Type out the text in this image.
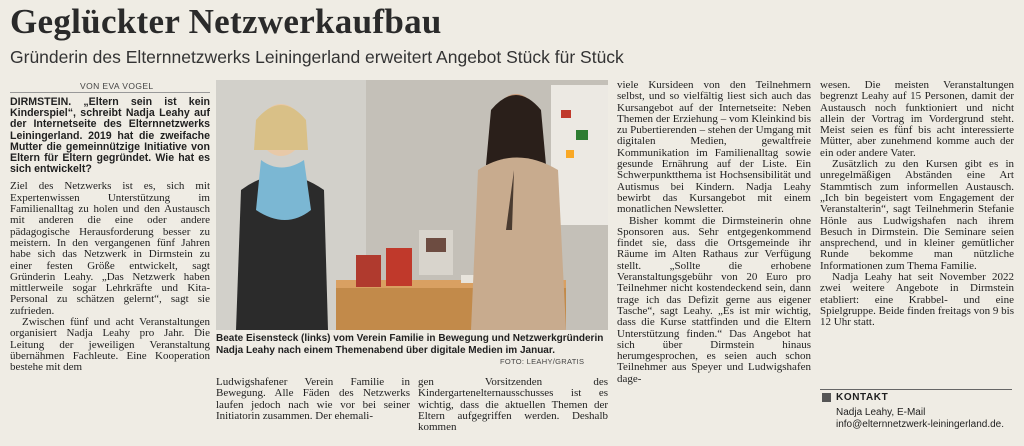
Geglückter Netzwerkaufbau
Gründerin des Elternnetzwerks Leiningerland erweitert Angebot Stück für Stück
VON EVA VOGEL

DIRMSTEIN. „Eltern sein ist kein Kinderspiel“, schreibt Nadja Leahy auf der Internetseite des Elternnetzwerks Leiningerland. 2019 hat die zweifache Mutter die gemeinnützige Initiative von Eltern für Eltern gegründet. Wie hat es sich entwickelt?

Ziel des Netzwerks ist es, sich mit Expertenwissen Unterstützung im Familienalltag zu holen und den Austausch mit anderen die eine oder andere pädagogische Herausforderung besser zu meistern. In den vergangenen fünf Jahren habe sich das Netzwerk in Dirmstein zu einer festen Größe entwickelt, sagt Gründerin Leahy. „Das Netzwerk haben mittlerweile sogar Lehrkräfte und Kita-Personal zu schätzen gelernt“, sagt sie zufrieden.

Zwischen fünf und acht Veranstaltungen organisiert Nadja Leahy pro Jahr. Die Leitung der jeweiligen Veranstaltung übernähmen Fachleute. Eine Kooperation bestehe mit dem

Beate Eisensteck (links) vom Verein Familie in Bewegung und Netzwerkgründerin Nadja Leahy nach einem Themenabend über digitale Medien im Januar.
FOTO: LEAHY/GRATIS

Ludwigshafener Verein Familie in Bewegung. Alle Fäden des Netzwerks laufen jedoch nach wie vor bei seiner Initiatorin zusammen. Der ehemali-

gen Vorsitzenden des Kindergartenelternausschusses ist es wichtig, dass die aktuellen Themen der Eltern aufgegriffen werden. Deshalb kommen

viele Kursideen von den Teilnehmern selbst, und so vielfältig liest sich auch das Kursangebot auf der Internetseite: Neben Themen der Erziehung – vom Kleinkind bis zu Pubertierenden – stehen der Umgang mit digitalen Medien, gewaltfreie Kommunikation im Familienalltag sowie gesunde Ernährung auf der Liste. Ein Schwerpunktthema ist Hochsensibilität und Autismus bei Kindern. Nadja Leahy bewirbt das Kursangebot mit einem monatlichen Newsletter.

Bisher kommt die Dirmsteinerin ohne Sponsoren aus. Sehr entgegenkommend findet sie, dass die Ortsgemeinde ihr Räume im Alten Rathaus zur Verfügung stellt. „Sollte die erhobene Veranstaltungsgebühr von 20 Euro pro Teilnehmer nicht kostendeckend sein, dann trage ich das Defizit gerne aus eigener Tasche“, sagt Leahy. „Es ist mir wichtig, dass die Kurse stattfinden und die Eltern Unterstützung finden.“ Das Angebot hat sich über Dirmstein hinaus herumgesprochen, es seien auch schon Teilnehmer aus Speyer und Ludwigshafen dage-

wesen. Die meisten Veranstaltungen begrenzt Leahy auf 15 Personen, damit der Austausch noch funktioniert und nicht allein der Vortrag im Vordergrund steht. Meist seien es fünf bis acht interessierte Mütter, aber zunehmend komme auch der ein oder andere Vater.

Zusätzlich zu den Kursen gibt es in unregelmäßigen Abständen eine Art Stammtisch zum informellen Austausch. „Ich bin begeistert vom Engagement der Veranstalterin“, sagt Teilnehmerin Stefanie Hönle aus Ludwigshafen nach ihrem Besuch in Dirmstein. Die Seminare seien ansprechend, und in kleiner gemütlicher Runde bekomme man nützliche Informationen zum Thema Familie.

Nadja Leahy hat seit November 2022 zwei weitere Angebote in Dirmstein etabliert: eine Krabbel- und eine Spielgruppe. Beide finden freitags von 9 bis 12 Uhr statt.

KONTAKT
Nadja Leahy, E-Mail info@elternnetzwerk-leiningerland.de.
